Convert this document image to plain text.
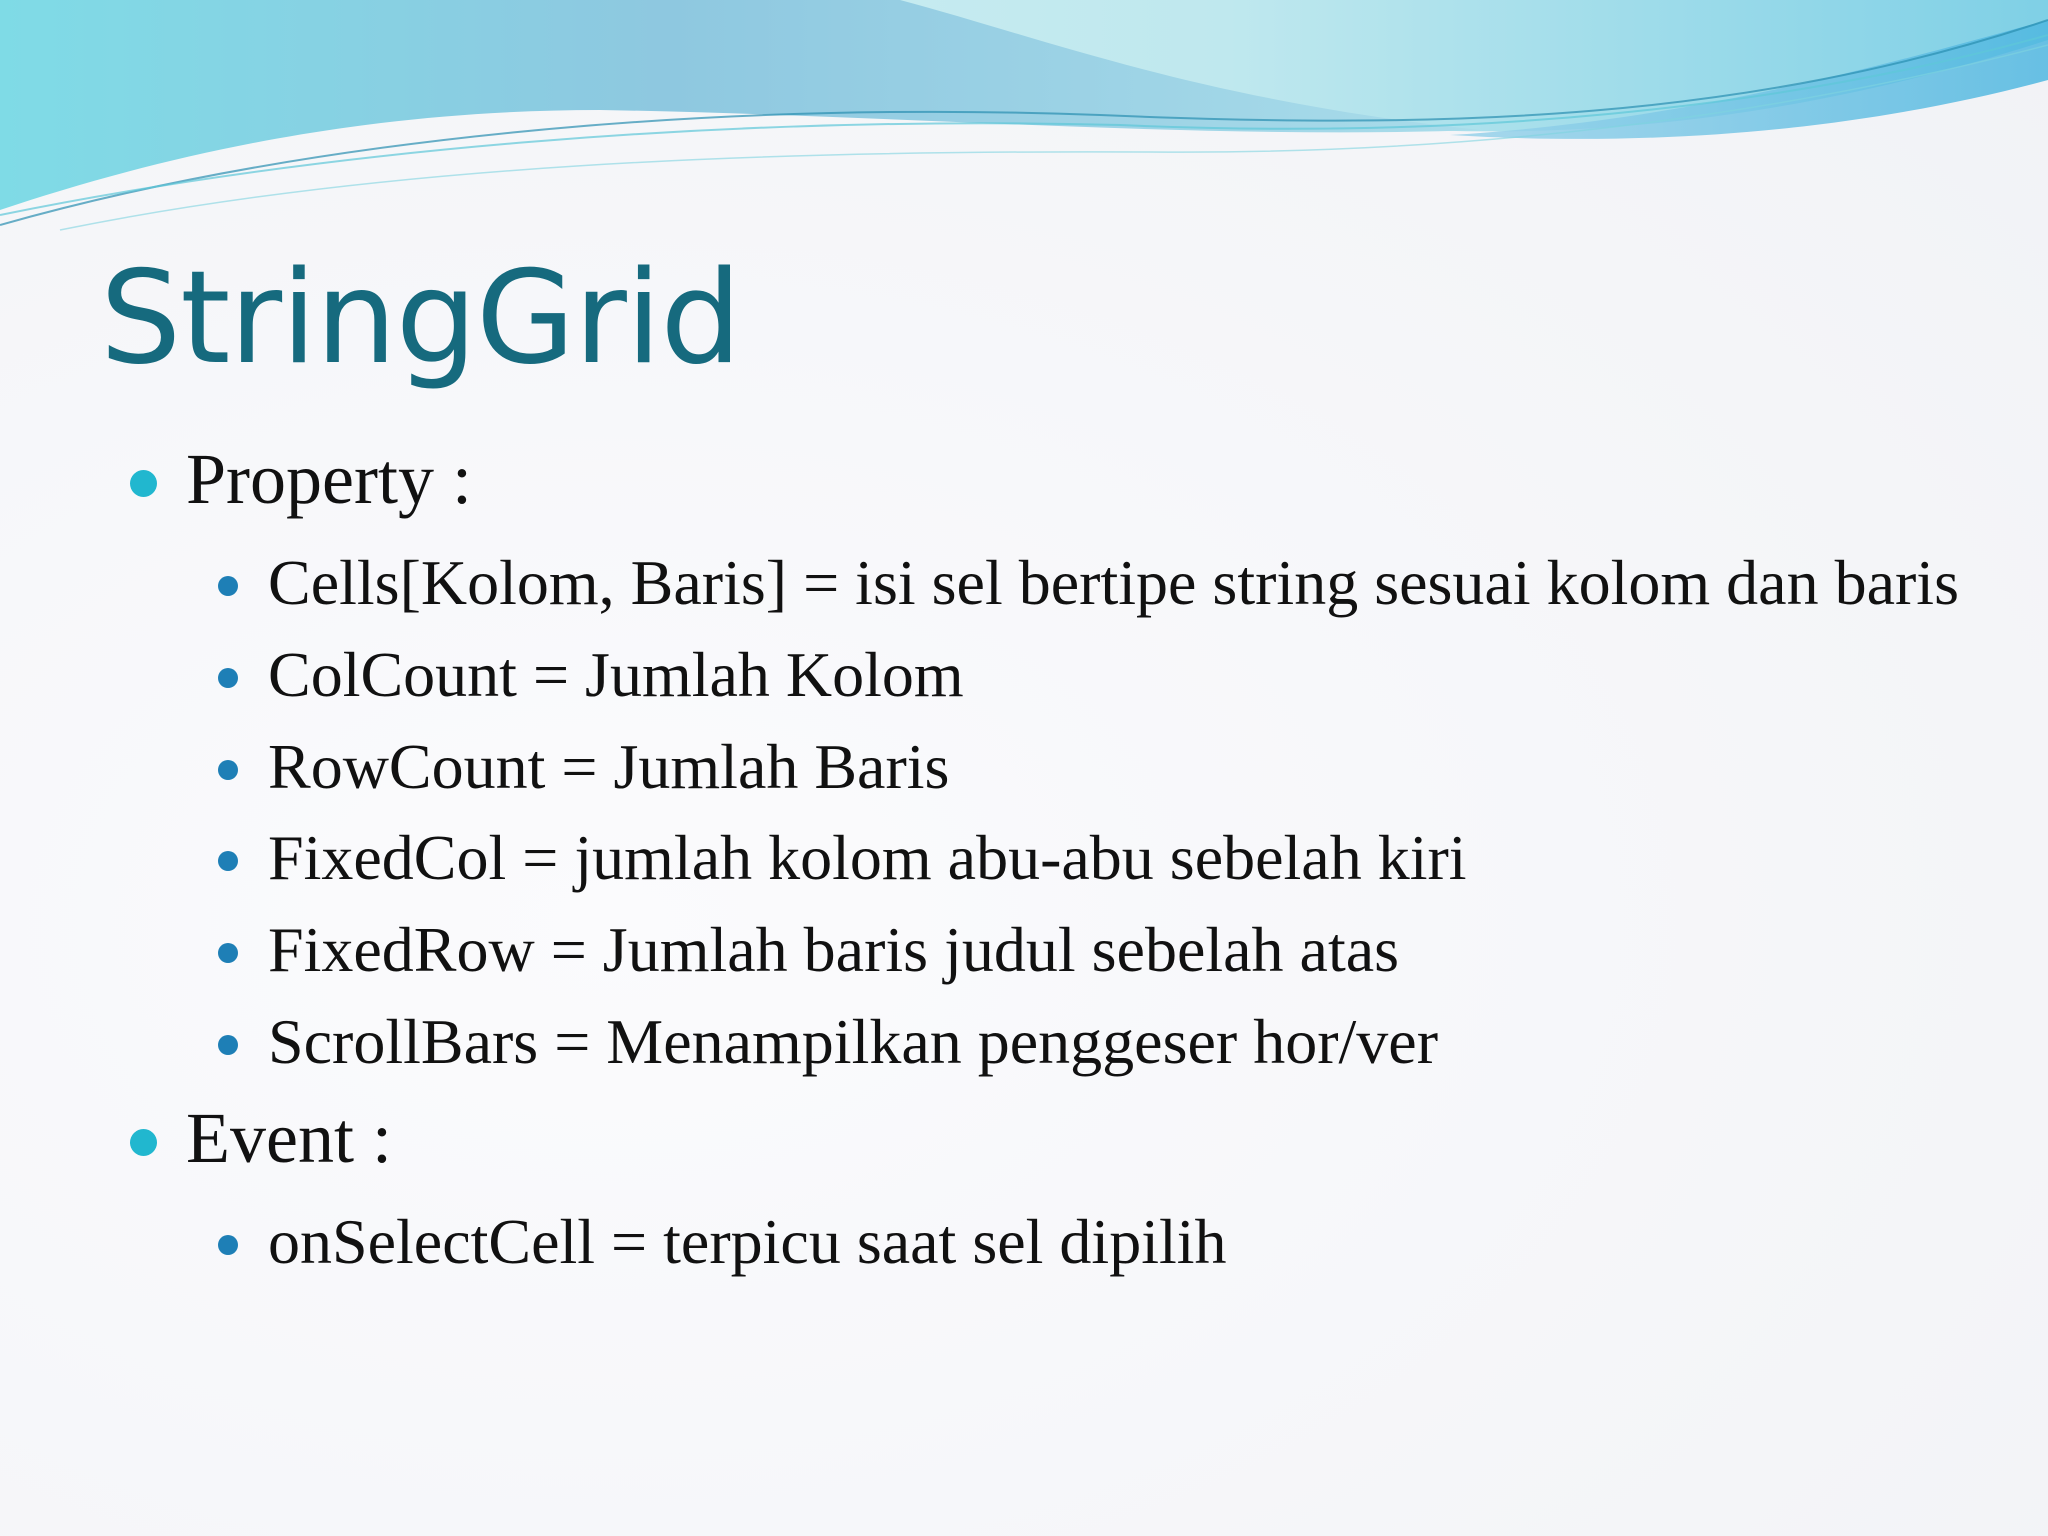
StringGrid
Property :
Cells[Kolom, Baris] = isi sel bertipe string sesuai kolom dan baris
ColCount = Jumlah Kolom
RowCount = Jumlah Baris
FixedCol = jumlah kolom abu-abu sebelah kiri
FixedRow = Jumlah baris judul sebelah atas
ScrollBars = Menampilkan penggeser hor/ver
Event :
onSelectCell = terpicu saat sel dipilih
